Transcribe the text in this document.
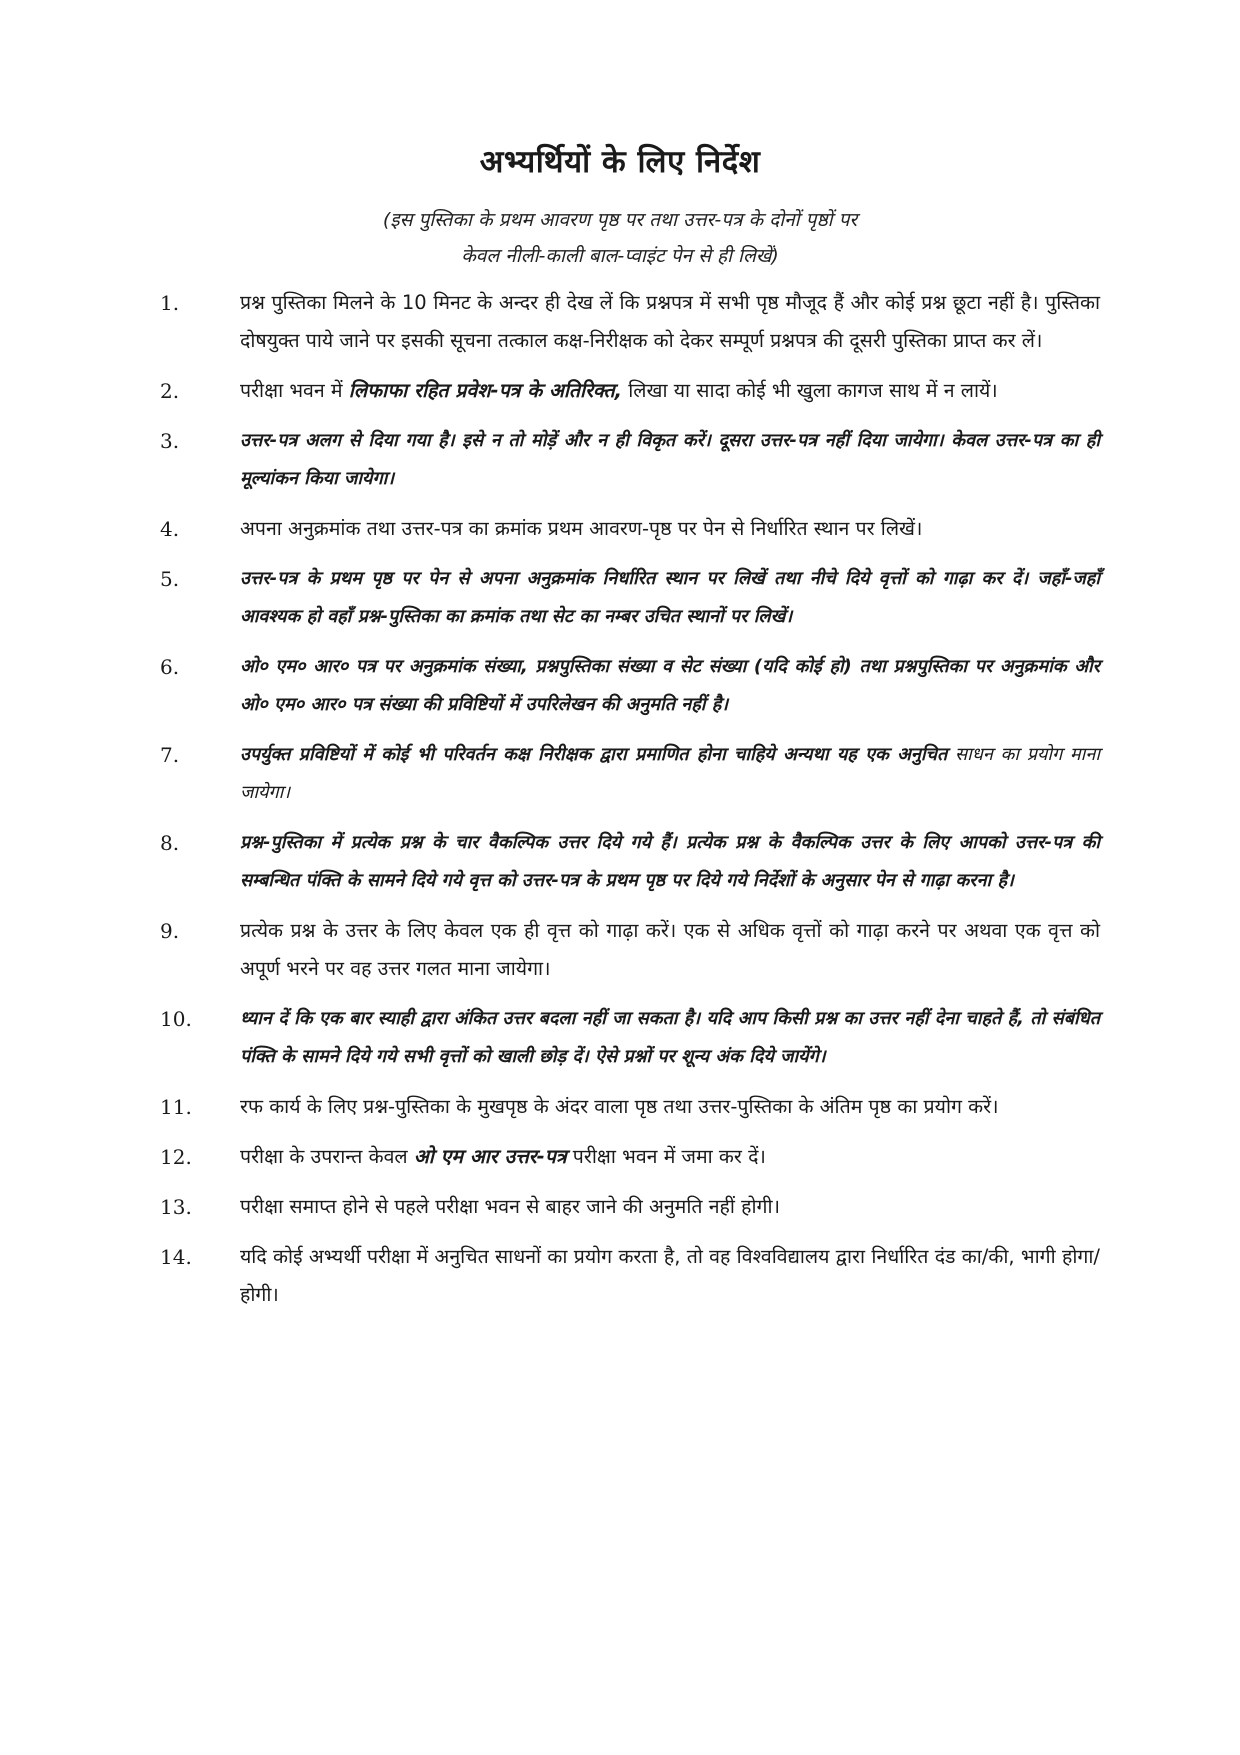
अभ्यर्थियों के लिए निर्देश
(इस पुस्तिका के प्रथम आवरण पृष्ठ पर तथा उत्तर-पत्र के दोनों पृष्ठों पर
केवल नीली-काली बाल-प्वाइंट पेन से ही लिखें)
1.	प्रश्न पुस्तिका मिलने के 10 मिनट के अन्दर ही देख लें कि प्रश्नपत्र में सभी पृष्ठ मौजूद हैं और कोई प्रश्न छूटा नहीं है। पुस्तिका दोषयुक्त पाये जाने पर इसकी सूचना तत्काल कक्ष-निरीक्षक को देकर सम्पूर्ण प्रश्नपत्र की दूसरी पुस्तिका प्राप्त कर लें।
2.	परीक्षा भवन में लिफाफा रहित प्रवेश-पत्र के अतिरिक्त, लिखा या सादा कोई भी खुला कागज साथ में न लायें।
3.	उत्तर-पत्र अलग से दिया गया है। इसे न तो मोड़ें और न ही विकृत करें। दूसरा उत्तर-पत्र नहीं दिया जायेगा। केवल उत्तर-पत्र का ही मूल्यांकन किया जायेगा।
4.	अपना अनुक्रमांक तथा उत्तर-पत्र का क्रमांक प्रथम आवरण-पृष्ठ पर पेन से निर्धारित स्थान पर लिखें।
5.	उत्तर-पत्र के प्रथम पृष्ठ पर पेन से अपना अनुक्रमांक निर्धारित स्थान पर लिखें तथा नीचे दिये वृत्तों को गाढ़ा कर दें। जहाँ-जहाँ आवश्यक हो वहाँ प्रश्न-पुस्तिका का क्रमांक तथा सेट का नम्बर उचित स्थानों पर लिखें।
6.	ओ० एम० आर० पत्र पर अनुक्रमांक संख्या, प्रश्नपुस्तिका संख्या व सेट संख्या (यदि कोई हो) तथा प्रश्नपुस्तिका पर अनुक्रमांक और ओ० एम० आर० पत्र संख्या की प्रविष्टियों में उपरिलेखन की अनुमति नहीं है।
7.	उपर्युक्त प्रविष्टियों में कोई भी परिवर्तन कक्ष निरीक्षक द्वारा प्रमाणित होना चाहिये अन्यथा यह एक अनुचित साधन का प्रयोग माना जायेगा।
8.	प्रश्न-पुस्तिका में प्रत्येक प्रश्न के चार वैकल्पिक उत्तर दिये गये हैं। प्रत्येक प्रश्न के वैकल्पिक उत्तर के लिए आपको उत्तर-पत्र की सम्बन्धित पंक्ति के सामने दिये गये वृत्त को उत्तर-पत्र के प्रथम पृष्ठ पर दिये गये निर्देशों के अनुसार पेन से गाढ़ा करना है।
9.	प्रत्येक प्रश्न के उत्तर के लिए केवल एक ही वृत्त को गाढ़ा करें। एक से अधिक वृत्तों को गाढ़ा करने पर अथवा एक वृत्त को अपूर्ण भरने पर वह उत्तर गलत माना जायेगा।
10.	ध्यान दें कि एक बार स्याही द्वारा अंकित उत्तर बदला नहीं जा सकता है। यदि आप किसी प्रश्न का उत्तर नहीं देना चाहते हैं, तो संबंधित पंक्ति के सामने दिये गये सभी वृत्तों को खाली छोड़ दें। ऐसे प्रश्नों पर शून्य अंक दिये जायेंगे।
11.	रफ कार्य के लिए प्रश्न-पुस्तिका के मुखपृष्ठ के अंदर वाला पृष्ठ तथा उत्तर-पुस्तिका के अंतिम पृष्ठ का प्रयोग करें।
12.	परीक्षा के उपरान्त केवल ओ एम आर उत्तर-पत्र परीक्षा भवन में जमा कर दें।
13.	परीक्षा समाप्त होने से पहले परीक्षा भवन से बाहर जाने की अनुमति नहीं होगी।
14.	यदि कोई अभ्यर्थी परीक्षा में अनुचित साधनों का प्रयोग करता है, तो वह विश्वविद्यालय द्वारा निर्धारित दंड का/की, भागी होगा/होगी।
